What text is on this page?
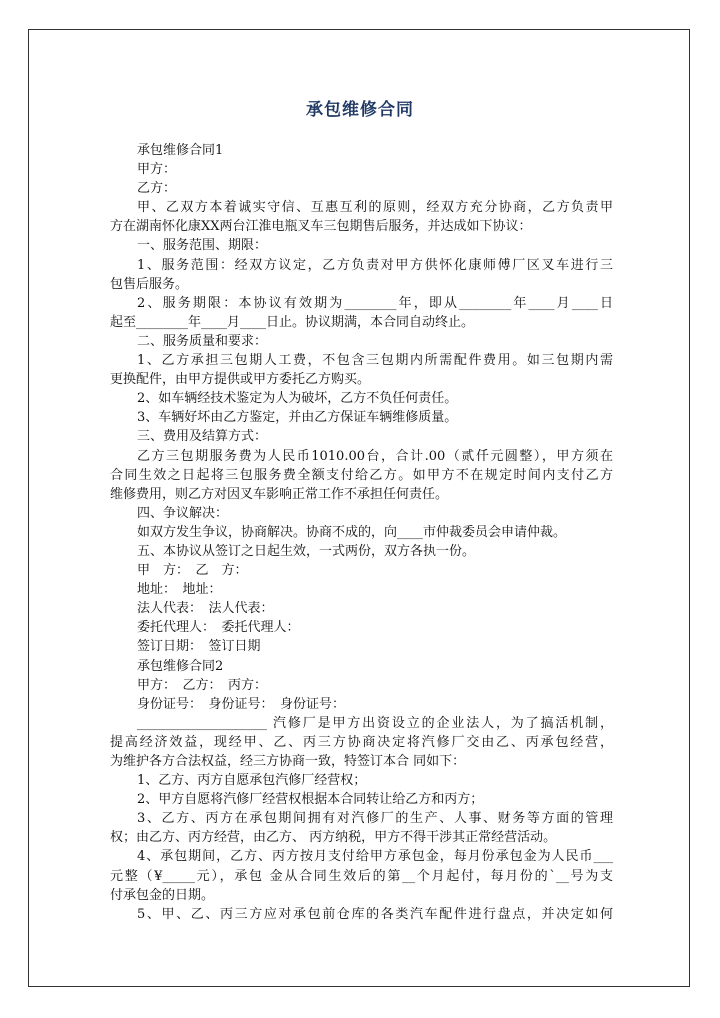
承包维修合同
承包维修合同1
甲方：
乙方：
甲、乙双方本着诚实守信、互惠互利的原则，经双方充分协商，乙方负责甲
方在湖南怀化康XX两台江淮电瓶叉车三包期售后服务，并达成如下协议：
一、服务范围、期限：
1、服务范围：经双方议定，乙方负责对甲方供怀化康师傅厂区叉车进行三
包售后服务。
2、服务期限：本协议有效期为________年，即从________年____月____日
起至________年____月____日止。协议期满，本合同自动终止。
二、服务质量和要求：
1、乙方承担三包期人工费，不包含三包期内所需配件费用。如三包期内需
更换配件，由甲方提供或甲方委托乙方购买。
2、如车辆经技术鉴定为人为破坏，乙方不负任何责任。
3、车辆好坏由乙方鉴定，并由乙方保证车辆维修质量。
三、费用及结算方式：
乙方三包期服务费为人民币1010.00台，合计.00（贰仟元圆整），甲方须在
合同生效之日起将三包服务费全额支付给乙方。如甲方不在规定时间内支付乙方
维修费用，则乙方对因叉车影响正常工作不承担任何责任。
四、争议解决：
如双方发生争议，协商解决。协商不成的，向____市仲裁委员会申请仲裁。
五、本协议从签订之日起生效，一式两份，双方各执一份。
甲　方：　乙　方：
地址：　地址：
法人代表：　法人代表：
委托代理人：　委托代理人：
签订日期：　签订日期
承包维修合同2
甲方：　乙方：　丙方：
身份证号：　身份证号：　身份证号：
____________________ 汽修厂是甲方出资设立的企业法人，为了搞活机制，
提高经济效益，现经甲、乙、丙三方协商决定将汽修厂交由乙、丙承包经营，
为维护各方合法权益，经三方协商一致，特签订本合 同如下：
1、乙方、丙方自愿承包汽修厂经营权；
2、甲方自愿将汽修厂经营权根据本合同转让给乙方和丙方；
3、乙方、丙方在承包期间拥有对汽修厂的生产、人事、财务等方面的管理
权；由乙方、丙方经营，由乙方、 丙方纳税，甲方不得干涉其正常经营活动。
4、承包期间，乙方、丙方按月支付给甲方承包金，每月份承包金为人民币___
元整（¥_____元），承包 金从合同生效后的第__个月起付，每月份的`__号为支
付承包金的日期。
5、甲、乙、丙三方应对承包前仓库的各类汽车配件进行盘点，并决定如何
